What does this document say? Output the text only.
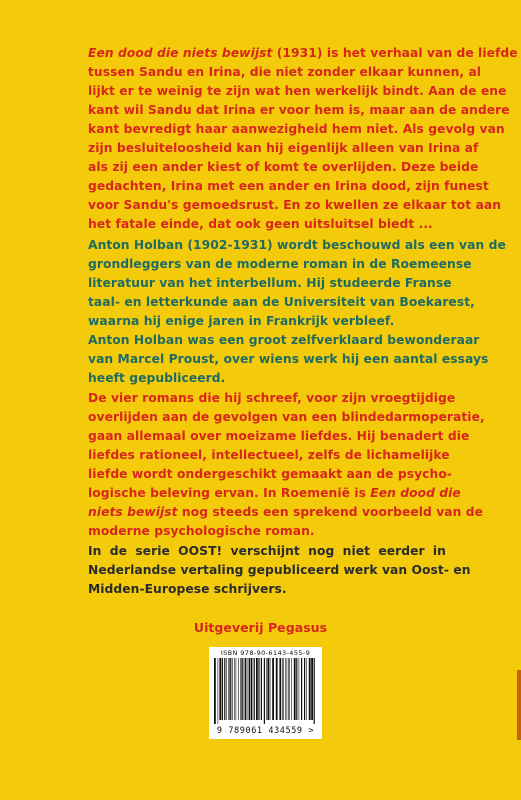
Een dood die niets bewijst (1931) is het verhaal van de liefde
tussen Sandu en Irina, die niet zonder elkaar kunnen, al
lijkt er te weinig te zijn wat hen werkelijk bindt. Aan de ene
kant wil Sandu dat Irina er voor hem is, maar aan de andere
kant bevredigt haar aanwezigheid hem niet. Als gevolg van
zijn besluiteloosheid kan hij eigenlijk alleen van Irina af
als zij een ander kiest of komt te overlijden. Deze beide
gedachten, Irina met een ander en Irina dood, zijn funest
voor Sandu's gemoedsrust. En zo kwellen ze elkaar tot aan
het fatale einde, dat ook geen uitsluitsel biedt ...

Anton Holban (1902-1931) wordt beschouwd als een van de
grondleggers van de moderne roman in de Roemeense
literatuur van het interbellum. Hij studeerde Franse
taal- en letterkunde aan de Universiteit van Boekarest,
waarna hij enige jaren in Frankrijk verbleef.
Anton Holban was een groot zelfverklaard bewonderaar
van Marcel Proust, over wiens werk hij een aantal essays
heeft gepubliceerd.

De vier romans die hij schreef, voor zijn vroegtijdige
overlijden aan de gevolgen van een blindedarmoperatie,
gaan allemaal over moeizame liefdes. Hij benadert die
liefdes rationeel, intellectueel, zelfs de lichamelijke
liefde wordt ondergeschikt gemaakt aan de psycho-
logische beleving ervan. In Roemenië is Een dood die
niets bewijst nog steeds een sprekend voorbeeld van de
moderne psychologische roman.

In de serie OOST! verschijnt nog niet eerder in
Nederlandse vertaling gepubliceerd werk van Oost- en
Midden-Europese schrijvers.

Uitgeverij Pegasus
ISBN 978-90-6143-455-9
9 789061 434559 >
